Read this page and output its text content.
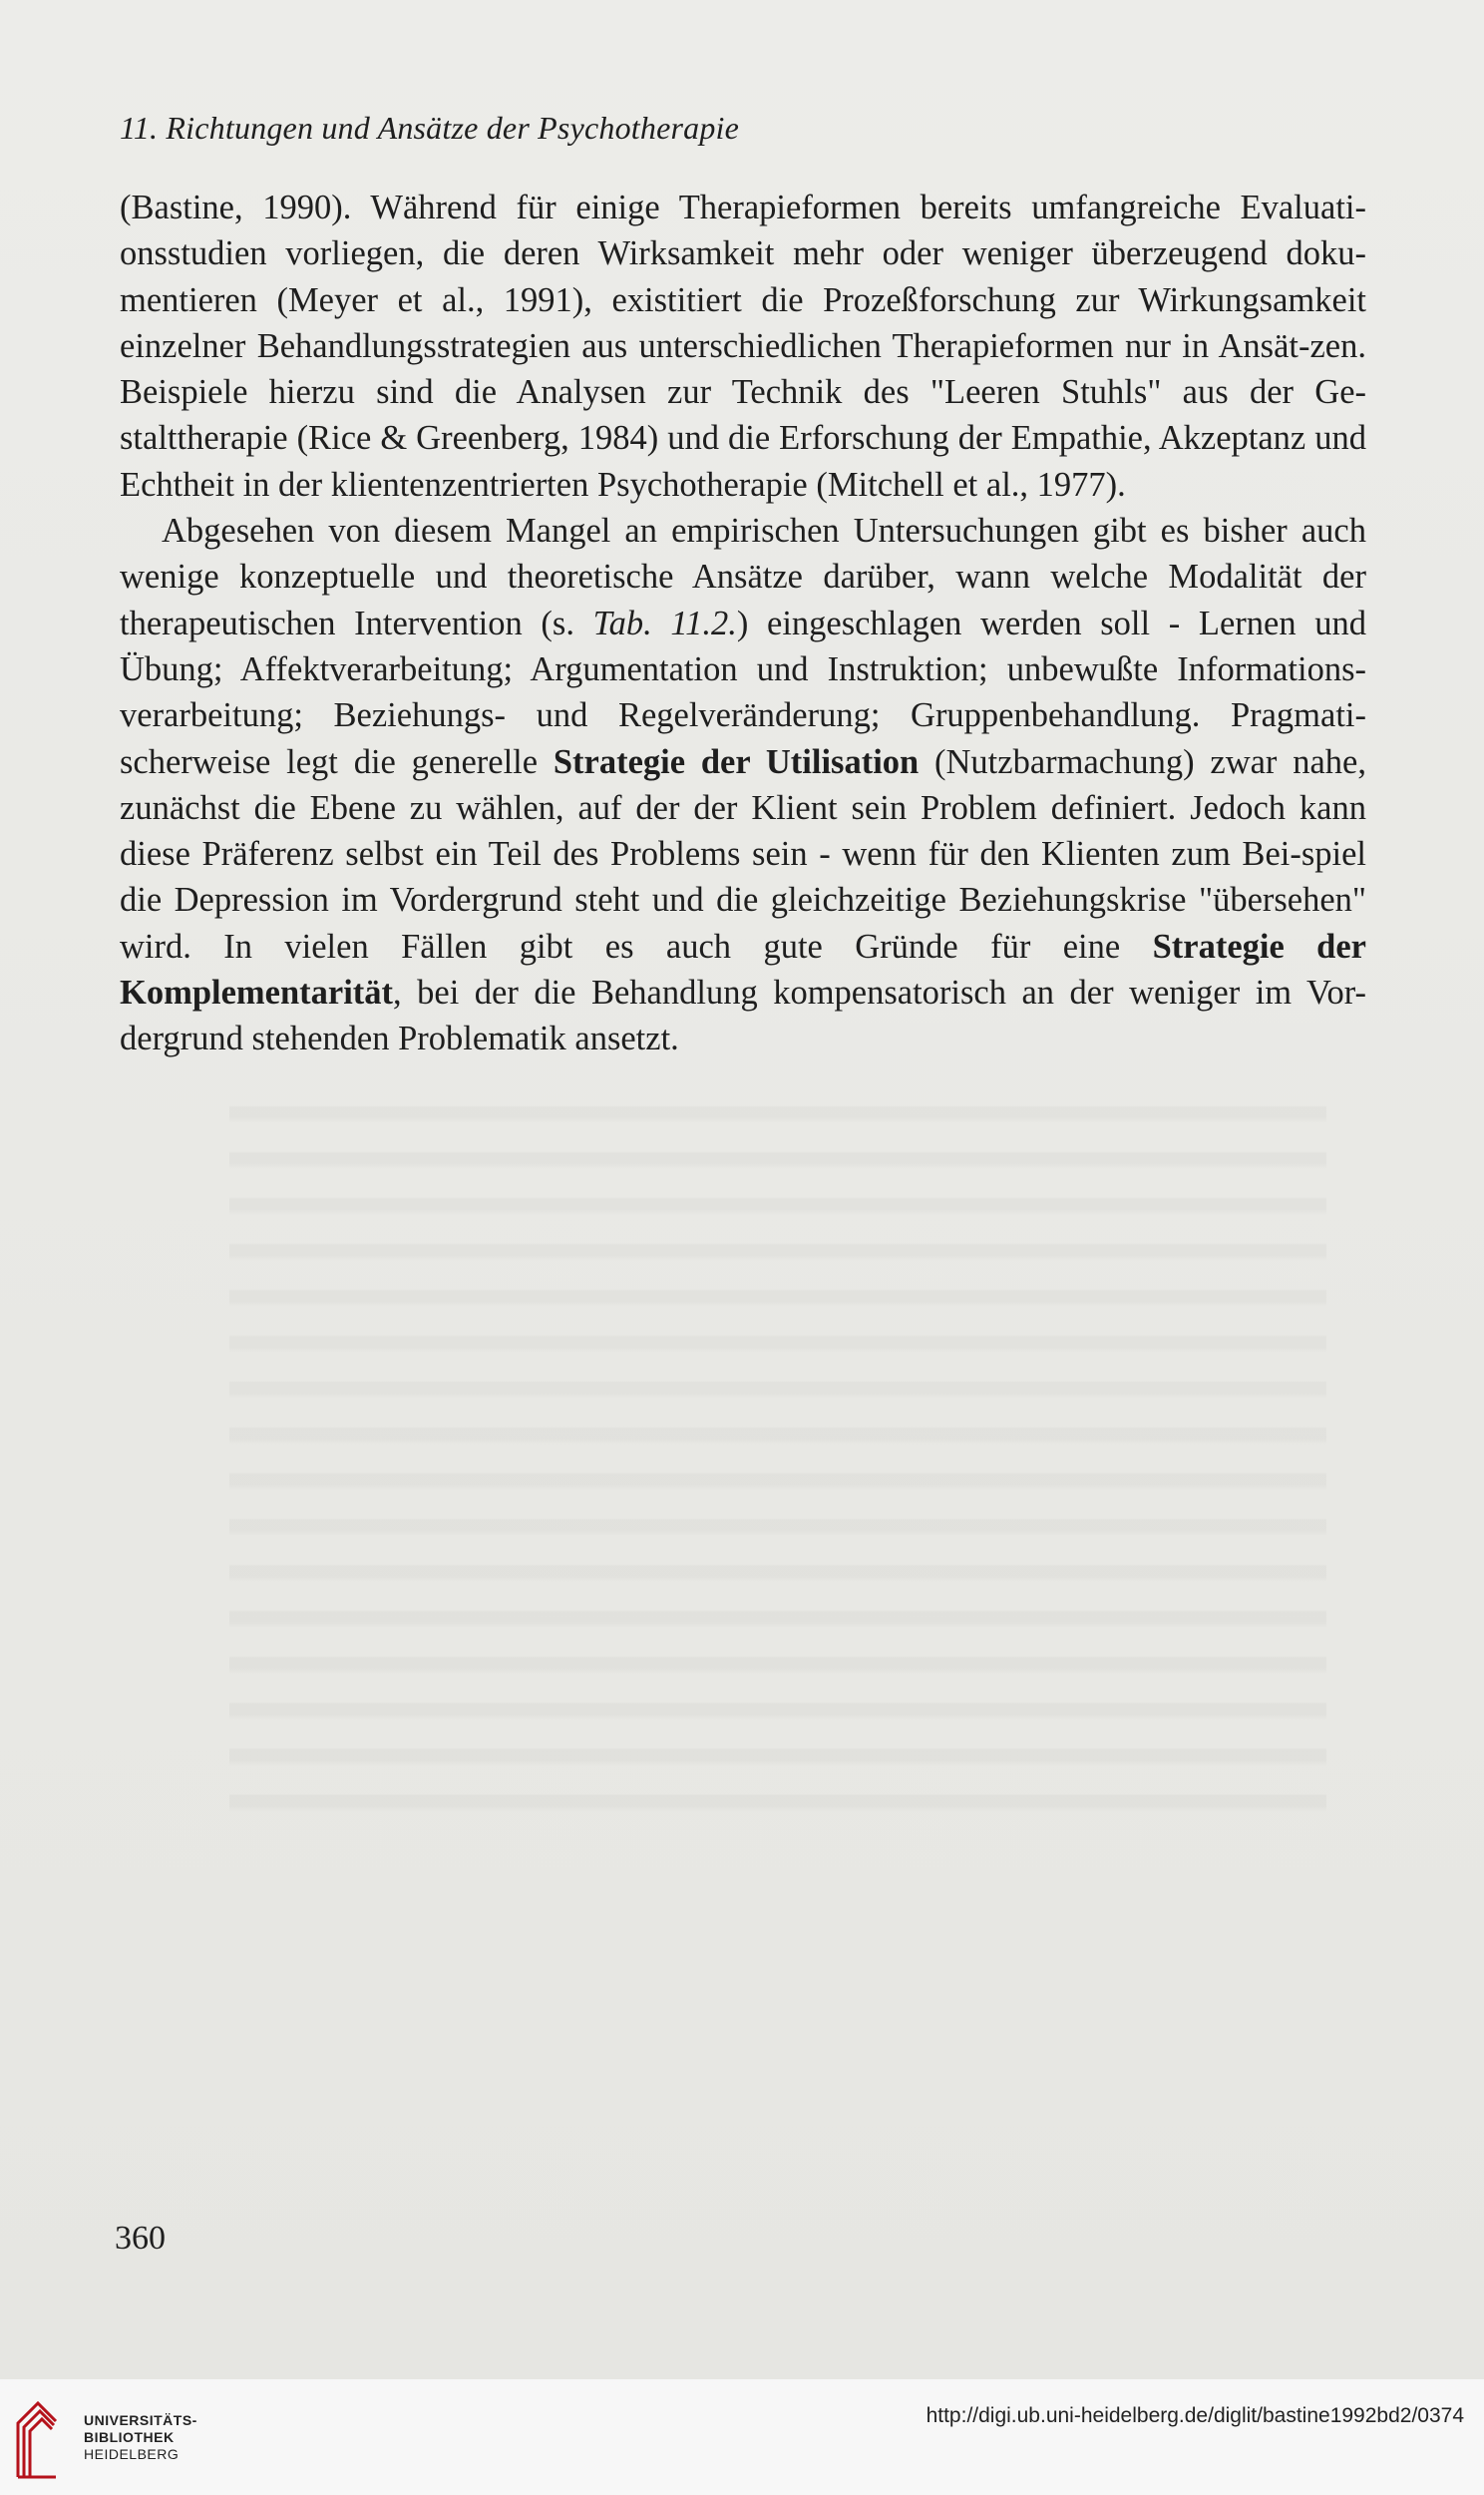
11. Richtungen und Ansätze der Psychotherapie

(Bastine, 1990). Während für einige Therapieformen bereits umfangreiche Evaluati-onsstudien vorliegen, die deren Wirksamkeit mehr oder weniger überzeugend doku-mentieren (Meyer et al., 1991), existitiert die Prozeßforschung zur Wirkungsamkeit einzelner Behandlungsstrategien aus unterschiedlichen Therapieformen nur in Ansät-zen. Beispiele hierzu sind die Analysen zur Technik des "Leeren Stuhls" aus der Ge-stalttherapie (Rice & Greenberg, 1984) und die Erforschung der Empathie, Akzeptanz und Echtheit in der klientenzentrierten Psychotherapie (Mitchell et al., 1977).

Abgesehen von diesem Mangel an empirischen Untersuchungen gibt es bisher auch wenige konzeptuelle und theoretische Ansätze darüber, wann welche Modalität der therapeutischen Intervention (s. Tab. 11.2.) eingeschlagen werden soll - Lernen und Übung; Affektverarbeitung; Argumentation und Instruktion; unbewußte Informations-verarbeitung; Beziehungs- und Regelveränderung; Gruppenbehandlung. Pragmati-scherweise legt die generelle Strategie der Utilisation (Nutzbarmachung) zwar nahe, zunächst die Ebene zu wählen, auf der der Klient sein Problem definiert. Jedoch kann diese Präferenz selbst ein Teil des Problems sein - wenn für den Klienten zum Bei-spiel die Depression im Vordergrund steht und die gleichzeitige Beziehungskrise "übersehen" wird. In vielen Fällen gibt es auch gute Gründe für eine Strategie der Komplementarität, bei der die Behandlung kompensatorisch an der weniger im Vor-dergrund stehenden Problematik ansetzt.

360
UNIVERSITÄTS-
BIBLIOTHEK
HEIDELBERG
http://digi.ub.uni-heidelberg.de/diglit/bastine1992bd2/0374
